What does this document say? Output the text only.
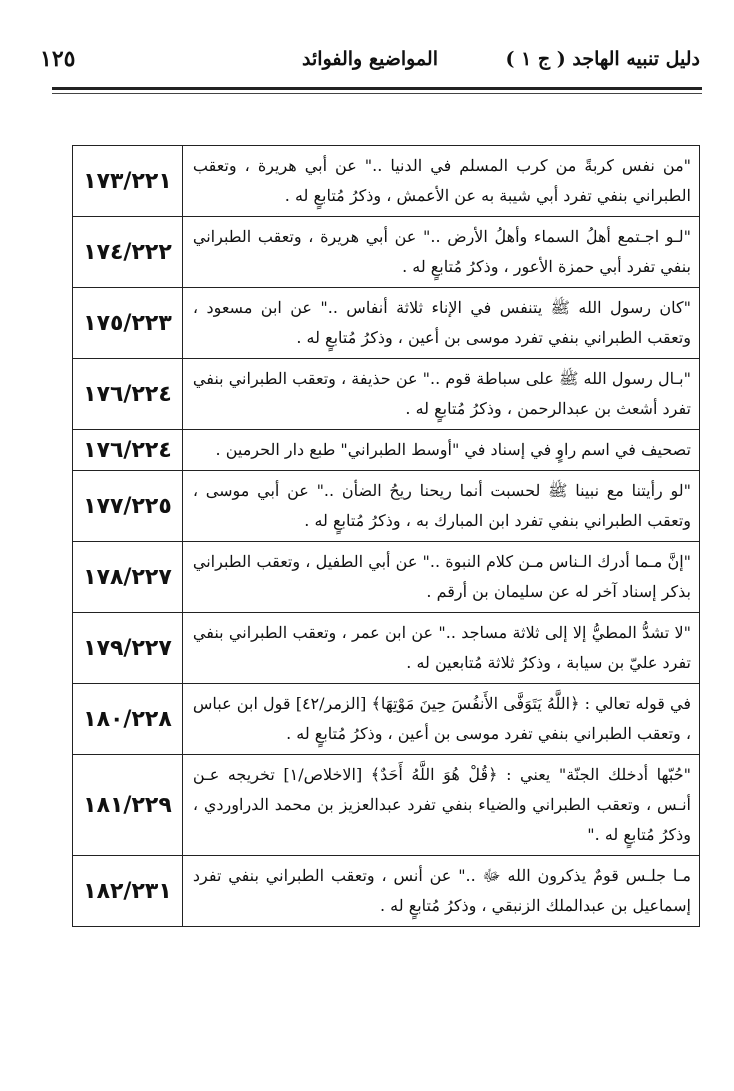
دليل تنبيه الهاجد ( ج ١ )
المواضيع والفوائد
١٢٥
"من نفس كربةً من كرب المسلم في الدنيا .." عن أبي هريرة ، وتعقب الطبراني بنفي تفرد أبي شيبة به عن الأعمش ، وذكرُ مُتابعٍ له .	١٧٣/٢٢١
"لـو اجـتمع أهلُ السماء وأهلُ الأرض .." عن أبي هريرة ، وتعقب الطبراني بنفي تفرد أبي حمزة الأعور ، وذكرُ مُتابعٍ له .	١٧٤/٢٢٢
"كان رسول الله ﷺ يتنفس في الإناء ثلاثة أنفاس .." عن ابن مسعود ، وتعقب الطبراني بنفي تفرد موسى بن أعين ، وذكرُ مُتابعٍ له .	١٧٥/٢٢٣
"بـال رسول الله ﷺ على سباطة قوم .." عن حذيفة ، وتعقب الطبراني بنفي تفرد أشعث بن عبدالرحمن ، وذكرُ مُتابعٍ له .	١٧٦/٢٢٤
تصحيف في اسم راوٍ في إسناد في "أوسط الطبراني" طبع دار الحرمين .	١٧٦/٢٢٤
"لو رأيتنا مع نبينا ﷺ لحسبت أنما ريحنا ريحُ الضأن .." عن أبي موسى ، وتعقب الطبراني بنفي تفرد ابن المبارك به ، وذكرُ مُتابعٍ له .	١٧٧/٢٢٥
"إنَّ مـما أدرك الـناس مـن كلام النبوة .." عن أبي الطفيل ، وتعقب الطبراني بذكر إسناد آخر له عن سليمان بن أرقم .	١٧٨/٢٢٧
"لا تشدُّ المطيُّ إلا إلى ثلاثة مساجد .." عن ابن عمر ، وتعقب الطبراني بنفي تفرد عليّ بن سيابة ، وذكرُ ثلاثة مُتابعين له .	١٧٩/٢٢٧
في قوله تعالي : ﴿اللَّهُ يَتَوَفَّى الأَنفُسَ حِينَ مَوْتِهَا﴾ [الزمر/٤٢] قول ابن عباس ، وتعقب الطبراني بنفي تفرد موسى بن أعين ، وذكرُ مُتابعٍ له .	١٨٠/٢٢٨
"حُبّها أدخلك الجنّة" يعني : ﴿قُلْ هُوَ اللَّهُ أَحَدٌ﴾ [الاخلاص/١] تخريجه عـن أنـس ، وتعقب الطبراني والضياء بنفي تفرد عبدالعزيز بن محمد الدراوردي ، وذكرُ مُتابعٍ له ."	١٨١/٢٢٩
مـا جلـس قومٌ يذكرون الله ﷻ .." عن أنس ، وتعقب الطبراني بنفي تفرد إسماعيل بن عبدالملك الزنبقي ، وذكرُ مُتابعٍ له .	١٨٢/٢٣١
